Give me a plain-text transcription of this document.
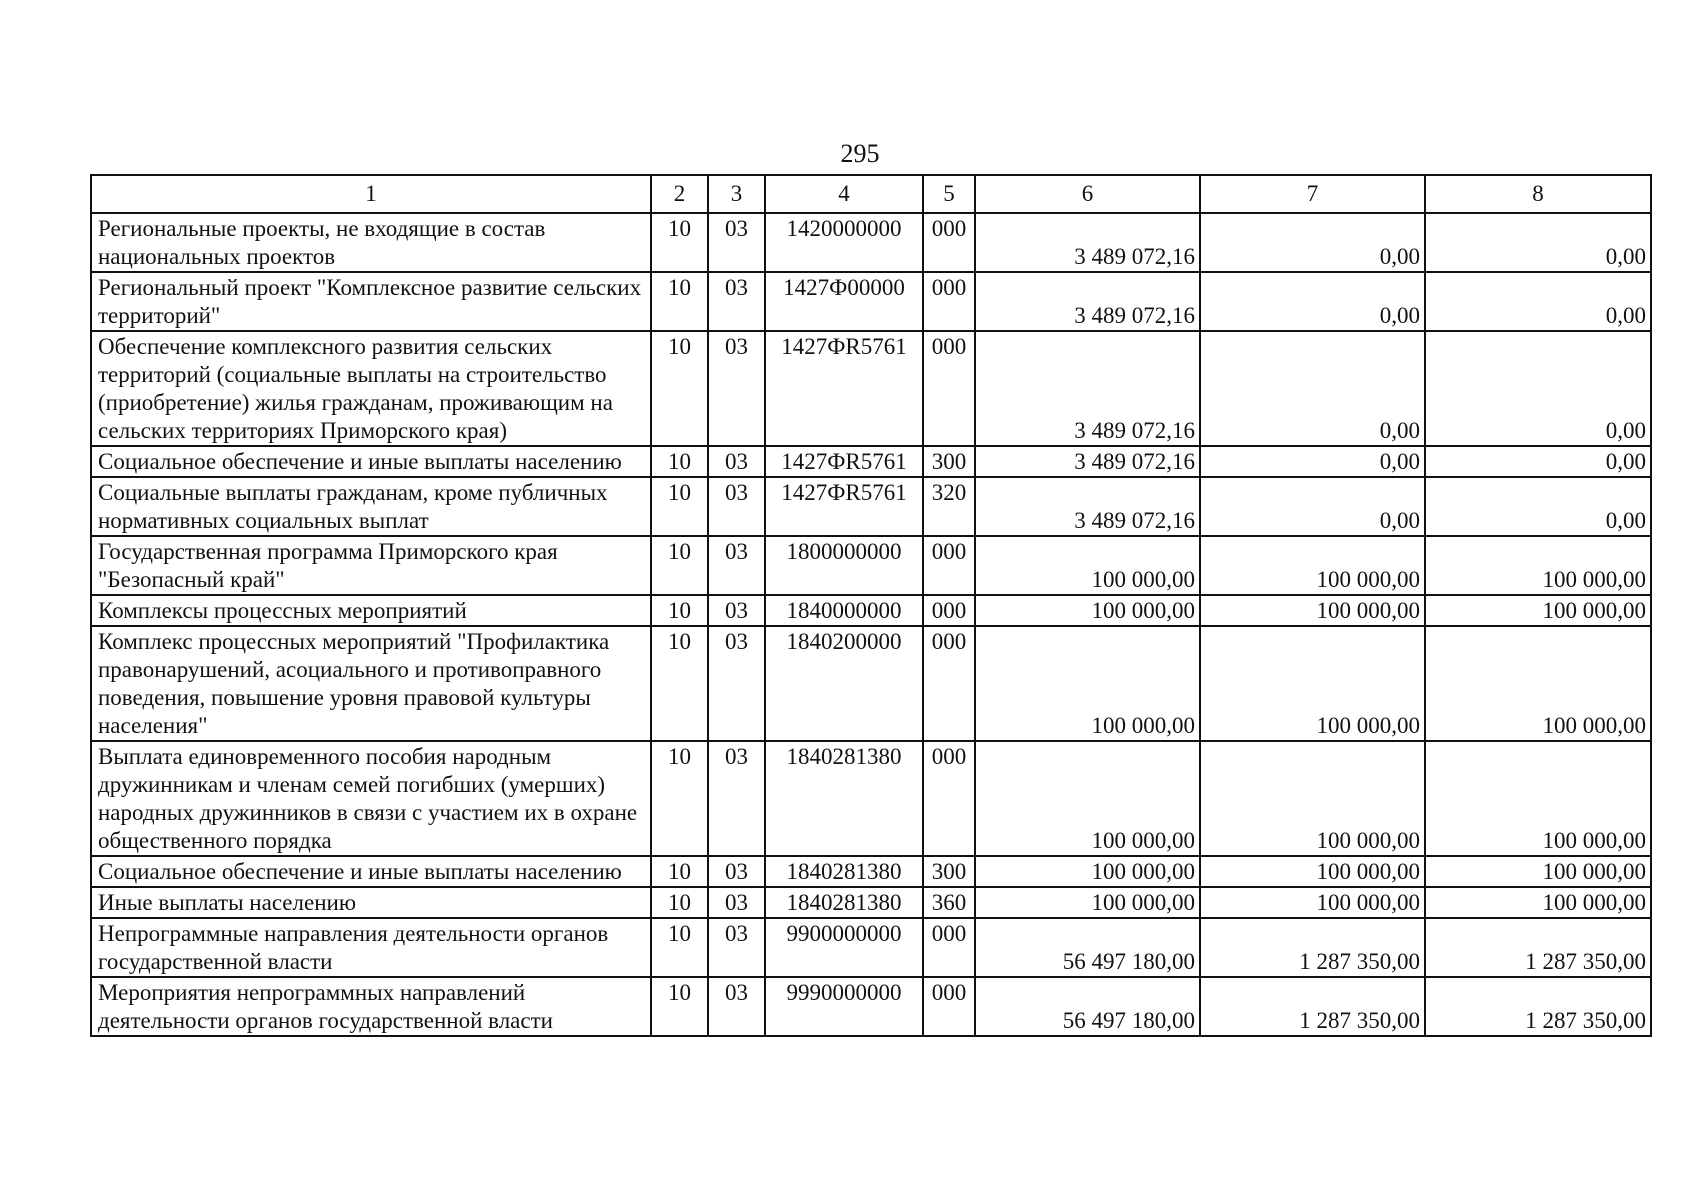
295
1	2	3	4	5	6	7	8
Региональные проекты, не входящие в состав национальных проектов	10	03	1420000000	000	3 489 072,16	0,00	0,00
Региональный проект "Комплексное развитие сельских территорий"	10	03	1427Ф00000	000	3 489 072,16	0,00	0,00
Обеспечение комплексного развития сельских территорий (социальные выплаты на строительство (приобретение) жилья гражданам, проживающим на сельских территориях Приморского края)	10	03	1427ФR5761	000	3 489 072,16	0,00	0,00
Социальное обеспечение и иные выплаты населению	10	03	1427ФR5761	300	3 489 072,16	0,00	0,00
Социальные выплаты гражданам, кроме публичных нормативных социальных выплат	10	03	1427ФR5761	320	3 489 072,16	0,00	0,00
Государственная программа Приморского края "Безопасный край"	10	03	1800000000	000	100 000,00	100 000,00	100 000,00
Комплексы процессных мероприятий	10	03	1840000000	000	100 000,00	100 000,00	100 000,00
Комплекс процессных мероприятий "Профилактика правонарушений, асоциального и противоправного поведения, повышение уровня правовой культуры населения"	10	03	1840200000	000	100 000,00	100 000,00	100 000,00
Выплата единовременного пособия народным дружинникам и членам семей погибших (умерших) народных дружинников в связи с участием их в охране общественного порядка	10	03	1840281380	000	100 000,00	100 000,00	100 000,00
Социальное обеспечение и иные выплаты населению	10	03	1840281380	300	100 000,00	100 000,00	100 000,00
Иные выплаты населению	10	03	1840281380	360	100 000,00	100 000,00	100 000,00
Непрограммные направления деятельности органов государственной власти	10	03	9900000000	000	56 497 180,00	1 287 350,00	1 287 350,00
Мероприятия непрограммных направлений деятельности органов государственной власти	10	03	9990000000	000	56 497 180,00	1 287 350,00	1 287 350,00
